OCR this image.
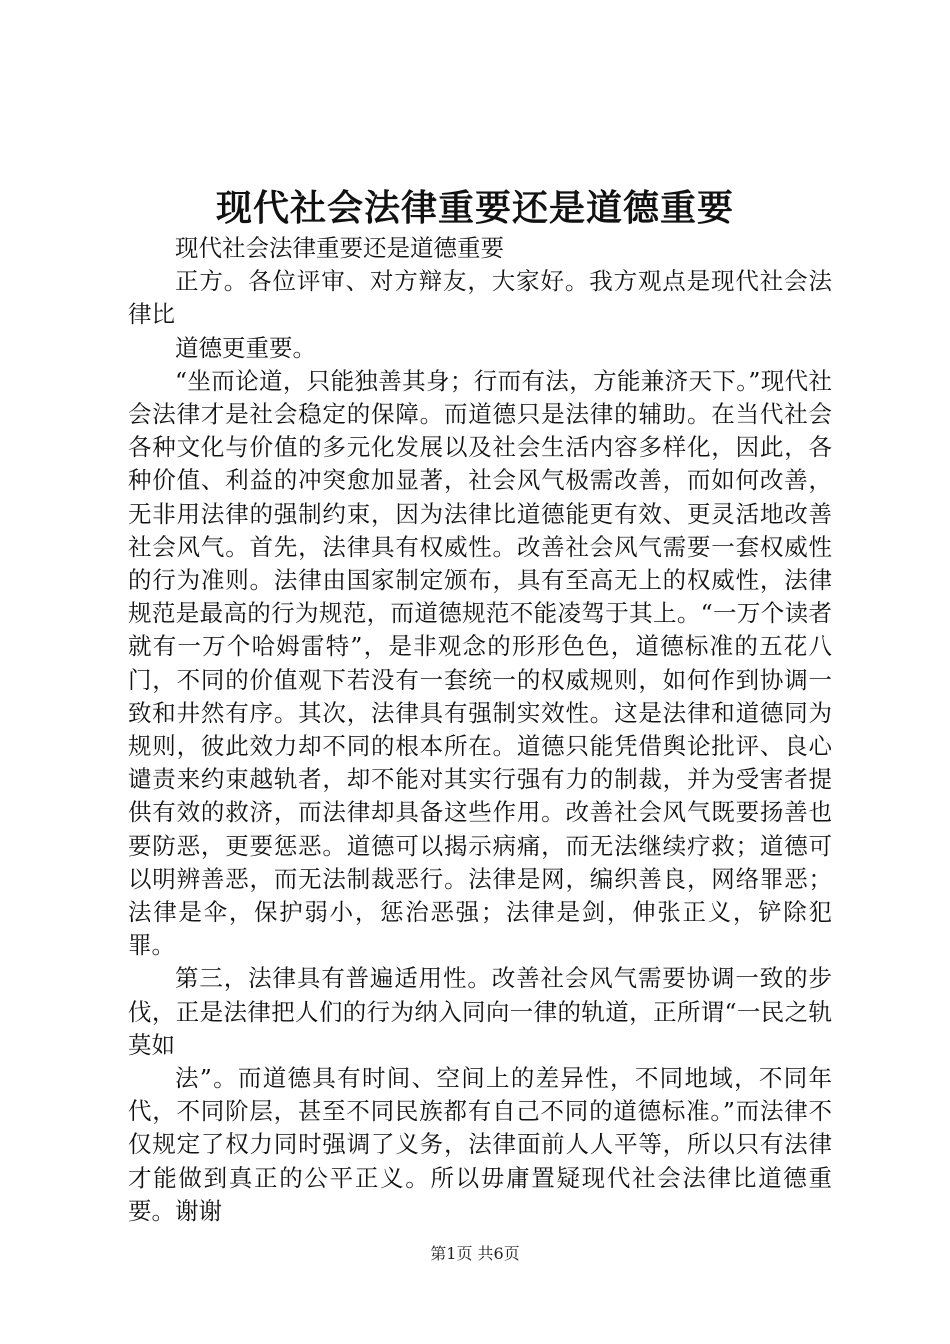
现代社会法律重要还是道德重要

现代社会法律重要还是道德重要

正方。各位评审、对方辩友，大家好。我方观点是现代社会法律比

道德更重要。

“坐而论道，只能独善其身；行而有法，方能兼济天下。”现代社会法律才是社会稳定的保障。而道德只是法律的辅助。在当代社会各种文化与价值的多元化发展以及社会生活内容多样化，因此，各种价值、利益的冲突愈加显著，社会风气极需改善，而如何改善，无非用法律的强制约束，因为法律比道德能更有效、更灵活地改善社会风气。首先，法律具有权威性。改善社会风气需要一套权威性的行为准则。法律由国家制定颁布，具有至高无上的权威性，法律规范是最高的行为规范，而道德规范不能凌驾于其上。“一万个读者就有一万个哈姆雷特”，是非观念的形形色色，道德标准的五花八门，不同的价值观下若没有一套统一的权威规则，如何作到协调一致和井然有序。其次，法律具有强制实效性。这是法律和道德同为规则，彼此效力却不同的根本所在。道德只能凭借舆论批评、良心谴责来约束越轨者，却不能对其实行强有力的制裁，并为受害者提供有效的救济，而法律却具备这些作用。改善社会风气既要扬善也要防恶，更要惩恶。道德可以揭示病痛，而无法继续疗救；道德可以明辨善恶，而无法制裁恶行。法律是网，编织善良，网络罪恶；法律是伞，保护弱小，惩治恶强；法律是剑，伸张正义，铲除犯罪。

第三，法律具有普遍适用性。改善社会风气需要协调一致的步伐，正是法律把人们的行为纳入同向一律的轨道，正所谓“一民之轨莫如

法”。而道德具有时间、空间上的差异性，不同地域，不同年代，不同阶层，甚至不同民族都有自己不同的道德标准。”而法律不仅规定了权力同时强调了义务，法律面前人人平等，所以只有法律才能做到真正的公平正义。所以毋庸置疑现代社会法律比道德重要。谢谢

第1页 共6页
